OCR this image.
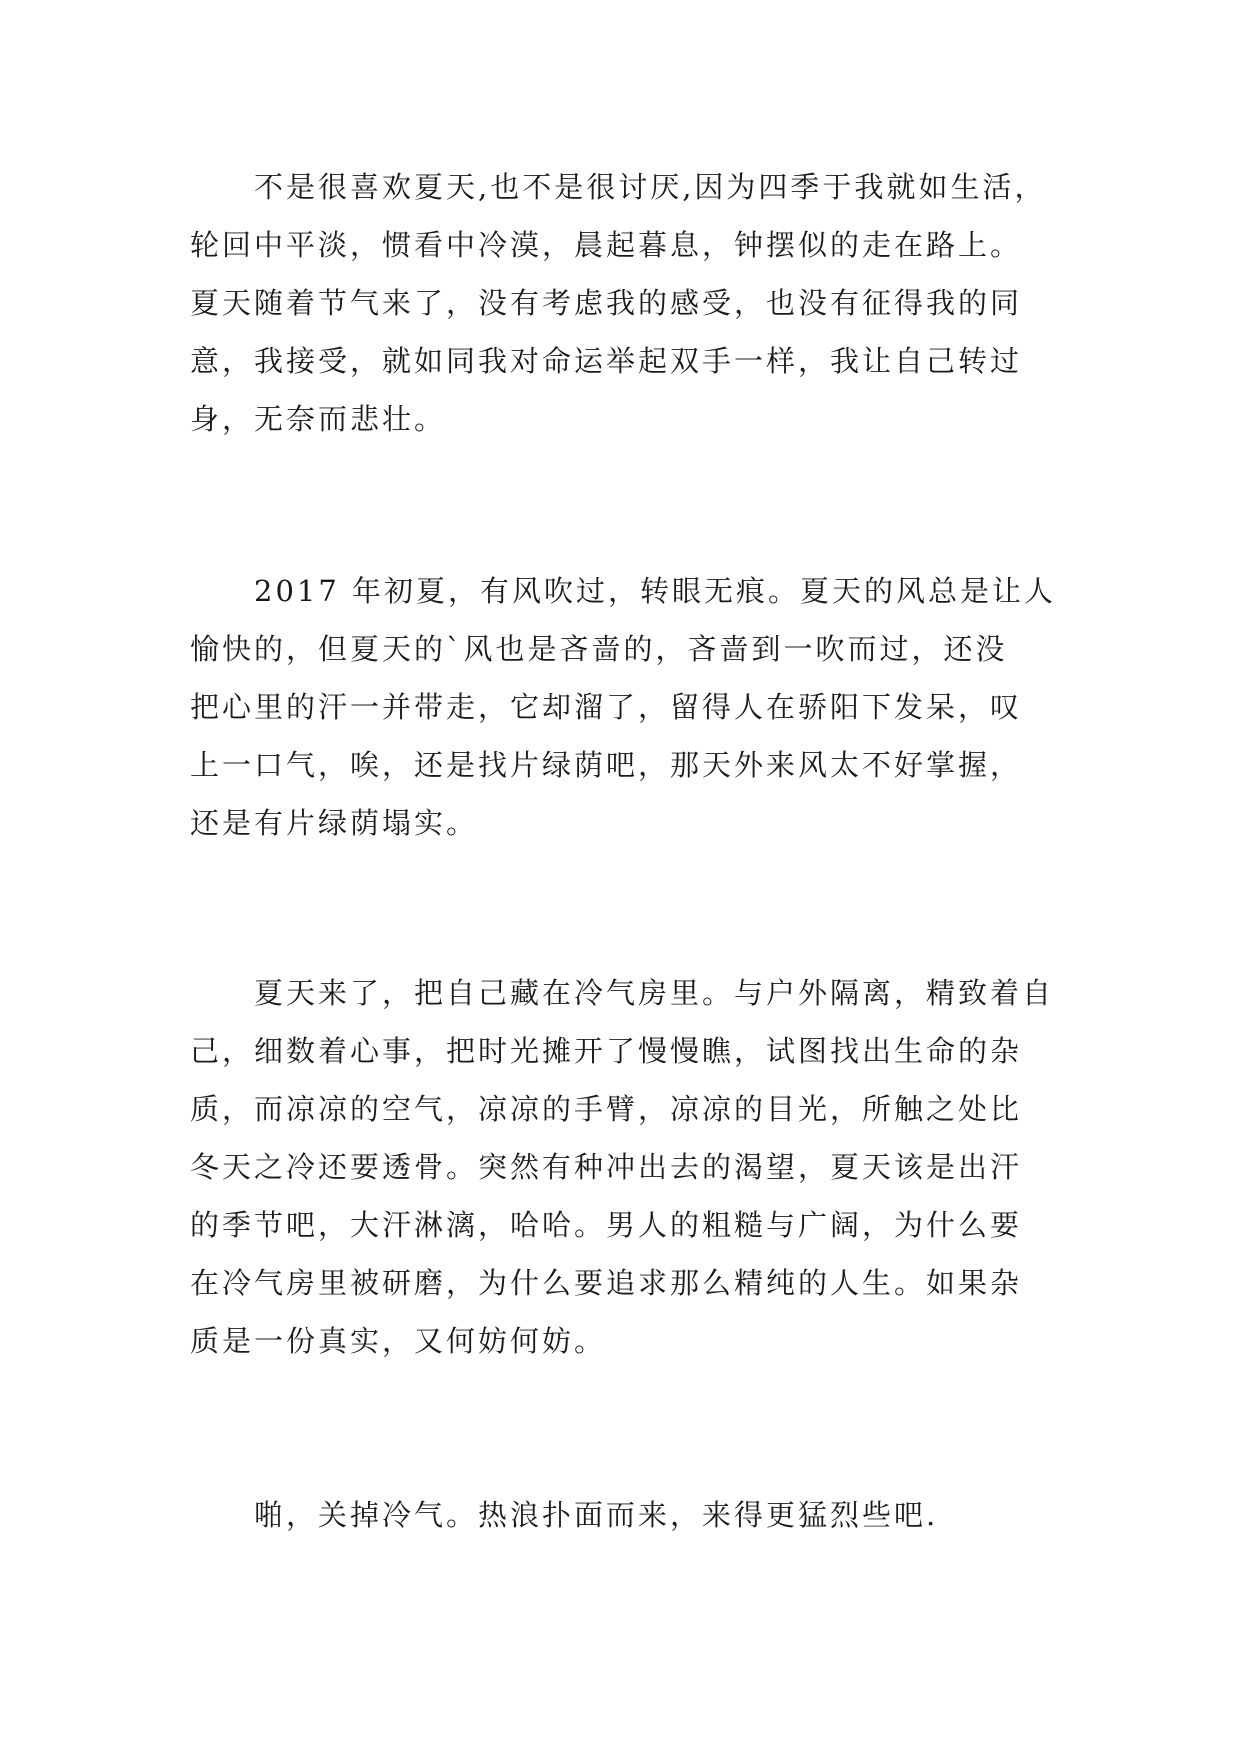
　　不是很喜欢夏天,也不是很讨厌,因为四季于我就如生活，
轮回中平淡，惯看中冷漠，晨起暮息，钟摆似的走在路上。
夏天随着节气来了，没有考虑我的感受，也没有征得我的同
意，我接受，就如同我对命运举起双手一样，我让自己转过
身，无奈而悲壮。

　　2017 年初夏，有风吹过，转眼无痕。夏天的风总是让人
愉快的，但夏天的`风也是吝啬的，吝啬到一吹而过，还没
把心里的汗一并带走，它却溜了，留得人在骄阳下发呆，叹
上一口气，唉，还是找片绿荫吧，那天外来风太不好掌握，
还是有片绿荫塌实。

　　夏天来了，把自己藏在冷气房里。与户外隔离，精致着自
己，细数着心事，把时光摊开了慢慢瞧，试图找出生命的杂
质，而凉凉的空气，凉凉的手臂，凉凉的目光，所触之处比
冬天之冷还要透骨。突然有种冲出去的渴望，夏天该是出汗
的季节吧，大汗淋漓，哈哈。男人的粗糙与广阔，为什么要
在冷气房里被研磨，为什么要追求那么精纯的人生。如果杂
质是一份真实，又何妨何妨。

　　啪，关掉冷气。热浪扑面而来，来得更猛烈些吧.
